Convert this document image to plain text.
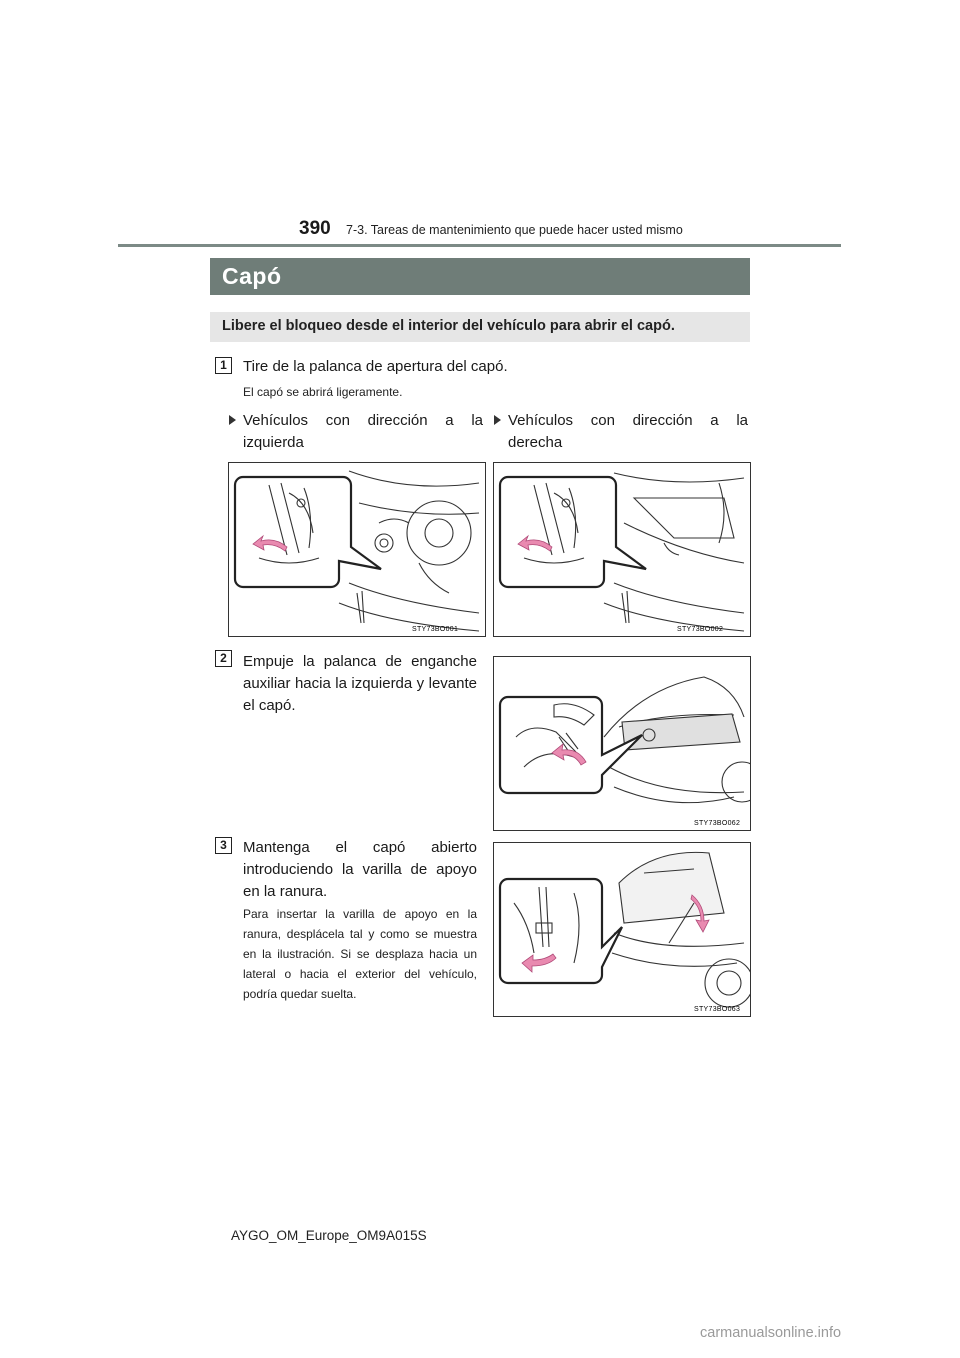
390 7-3. Tareas de mantenimiento que puede hacer usted mismo
Capó
Libere el bloqueo desde el interior del vehículo para abrir el capó.
1	Tire de la palanca de apertura del capó.
El capó se abrirá ligeramente.
Vehículos con dirección a la izquierda
Vehículos con dirección a la derecha
STY73BO001	STY73BO002
2	Empuje la palanca de enganche auxiliar hacia la izquierda y levante el capó.
STY73BO062
3	Mantenga el capó abierto introduciendo la varilla de apoyo en la ranura.
Para insertar la varilla de apoyo en la ranura, desplácela tal y como se muestra en la ilustración. Si se desplaza hacia un lateral o hacia el exterior del vehículo, podría quedar suelta.
STY73BO063
AYGO_OM_Europe_OM9A015S
carmanualsonline.info
